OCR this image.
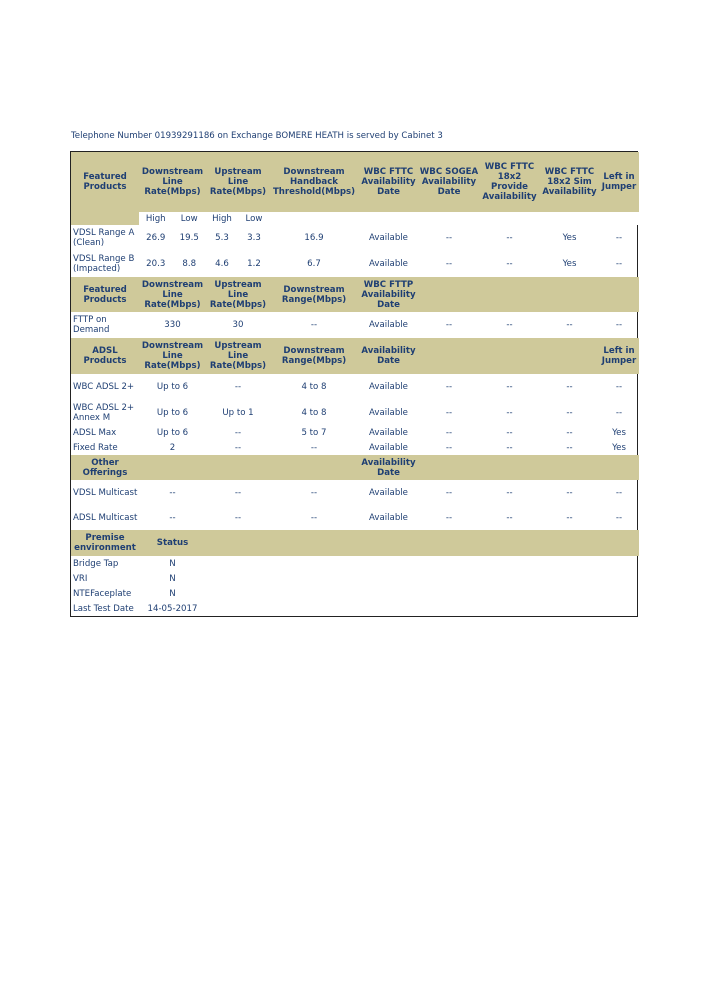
Telephone Number 01939291186 on Exchange BOMERE HEATH is served by Cabinet 3
Featured Products	Downstream Line Rate(Mbps)	Upstream Line Rate(Mbps)	Downstream Handback Threshold(Mbps)	WBC FTTC Availability Date	WBC SOGEA Availability Date	WBC FTTC 18x2 Provide Availability	WBC FTTC 18x2 Sim Availability	Left in Jumper
	High Low	High Low						
VDSL Range A (Clean)	26.9 19.5	5.3 3.3	16.9	Available	--	--	Yes	--
VDSL Range B (Impacted)	20.3 8.8	4.6 1.2	6.7	Available	--	--	Yes	--
Featured Products	Downstream Line Rate(Mbps)	Upstream Line Rate(Mbps)	Downstream Range(Mbps)	WBC FTTP Availability Date				
FTTP on Demand	330	30	--	Available	--	--	--	--
ADSL Products	Downstream Line Rate(Mbps)	Upstream Line Rate(Mbps)	Downstream Range(Mbps)	Availability Date				Left in Jumper
WBC ADSL 2+	Up to 6	--	4 to 8	Available	--	--	--	--
WBC ADSL 2+ Annex M	Up to 6	Up to 1	4 to 8	Available	--	--	--	--
ADSL Max	Up to 6	--	5 to 7	Available	--	--	--	Yes
Fixed Rate	2	--	--	Available	--	--	--	Yes
Other Offerings				Availability Date				
VDSL Multicast	--	--	--	Available	--	--	--	--
ADSL Multicast	--	--	--	Available	--	--	--	--
Premise environment	Status							
Bridge Tap	N							
VRI	N							
NTEFaceplate	N							
Last Test Date	14-05-2017							
